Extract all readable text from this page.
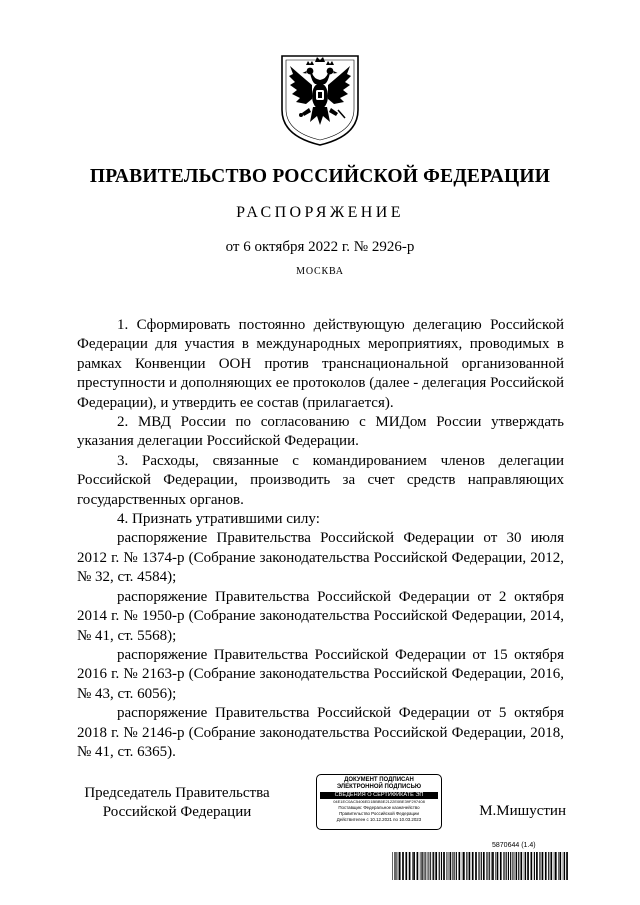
ПРАВИТЕЛЬСТВО РОССИЙСКОЙ ФЕДЕРАЦИИ
РАСПОРЯЖЕНИЕ
от 6 октября 2022 г. № 2926-р
МОСКВА

1. Сформировать постоянно действующую делегацию Российской Федерации для участия в международных мероприятиях, проводимых в рамках Конвенции ООН против транснациональной организованной преступности и дополняющих ее протоколов (далее - делегация Российской Федерации), и утвердить ее состав (прилагается).

2. МВД России по согласованию с МИДом России утверждать указания делегации Российской Федерации.

3. Расходы, связанные с командированием членов делегации Российской Федерации, производить за счет средств направляющих государственных органов.

4. Признать утратившими силу:

распоряжение Правительства Российской Федерации от 30 июля 2012 г. № 1374-р (Собрание законодательства Российской Федерации, 2012, № 32, ст. 4584);

распоряжение Правительства Российской Федерации от 2 октября 2014 г. № 1950-р (Собрание законодательства Российской Федерации, 2014, № 41, ст. 5568);

распоряжение Правительства Российской Федерации от 15 октября 2016 г. № 2163-р (Собрание законодательства Российской Федерации, 2016, № 43, ст. 6056);

распоряжение Правительства Российской Федерации от 5 октября 2018 г. № 2146-р (Собрание законодательства Российской Федерации, 2018, № 41, ст. 6365).

Председатель Правительства
Российской Федерации
ДОКУМЕНТ ПОДПИСАН
ЭЛЕКТРОННОЙ ПОДПИСЬЮ
СВЕДЕНИЯ О СЕРТИФИКАТЕ ЭП
04E1EC0AC5406ED1BBB5E2122E0BE39F297408
Поставщик: Федеральное казначейство
Правительство Российской Федерации
Действителен с 10.12.2021 по 10.03.2023	М.Мишустин
5870644 (1.4)
